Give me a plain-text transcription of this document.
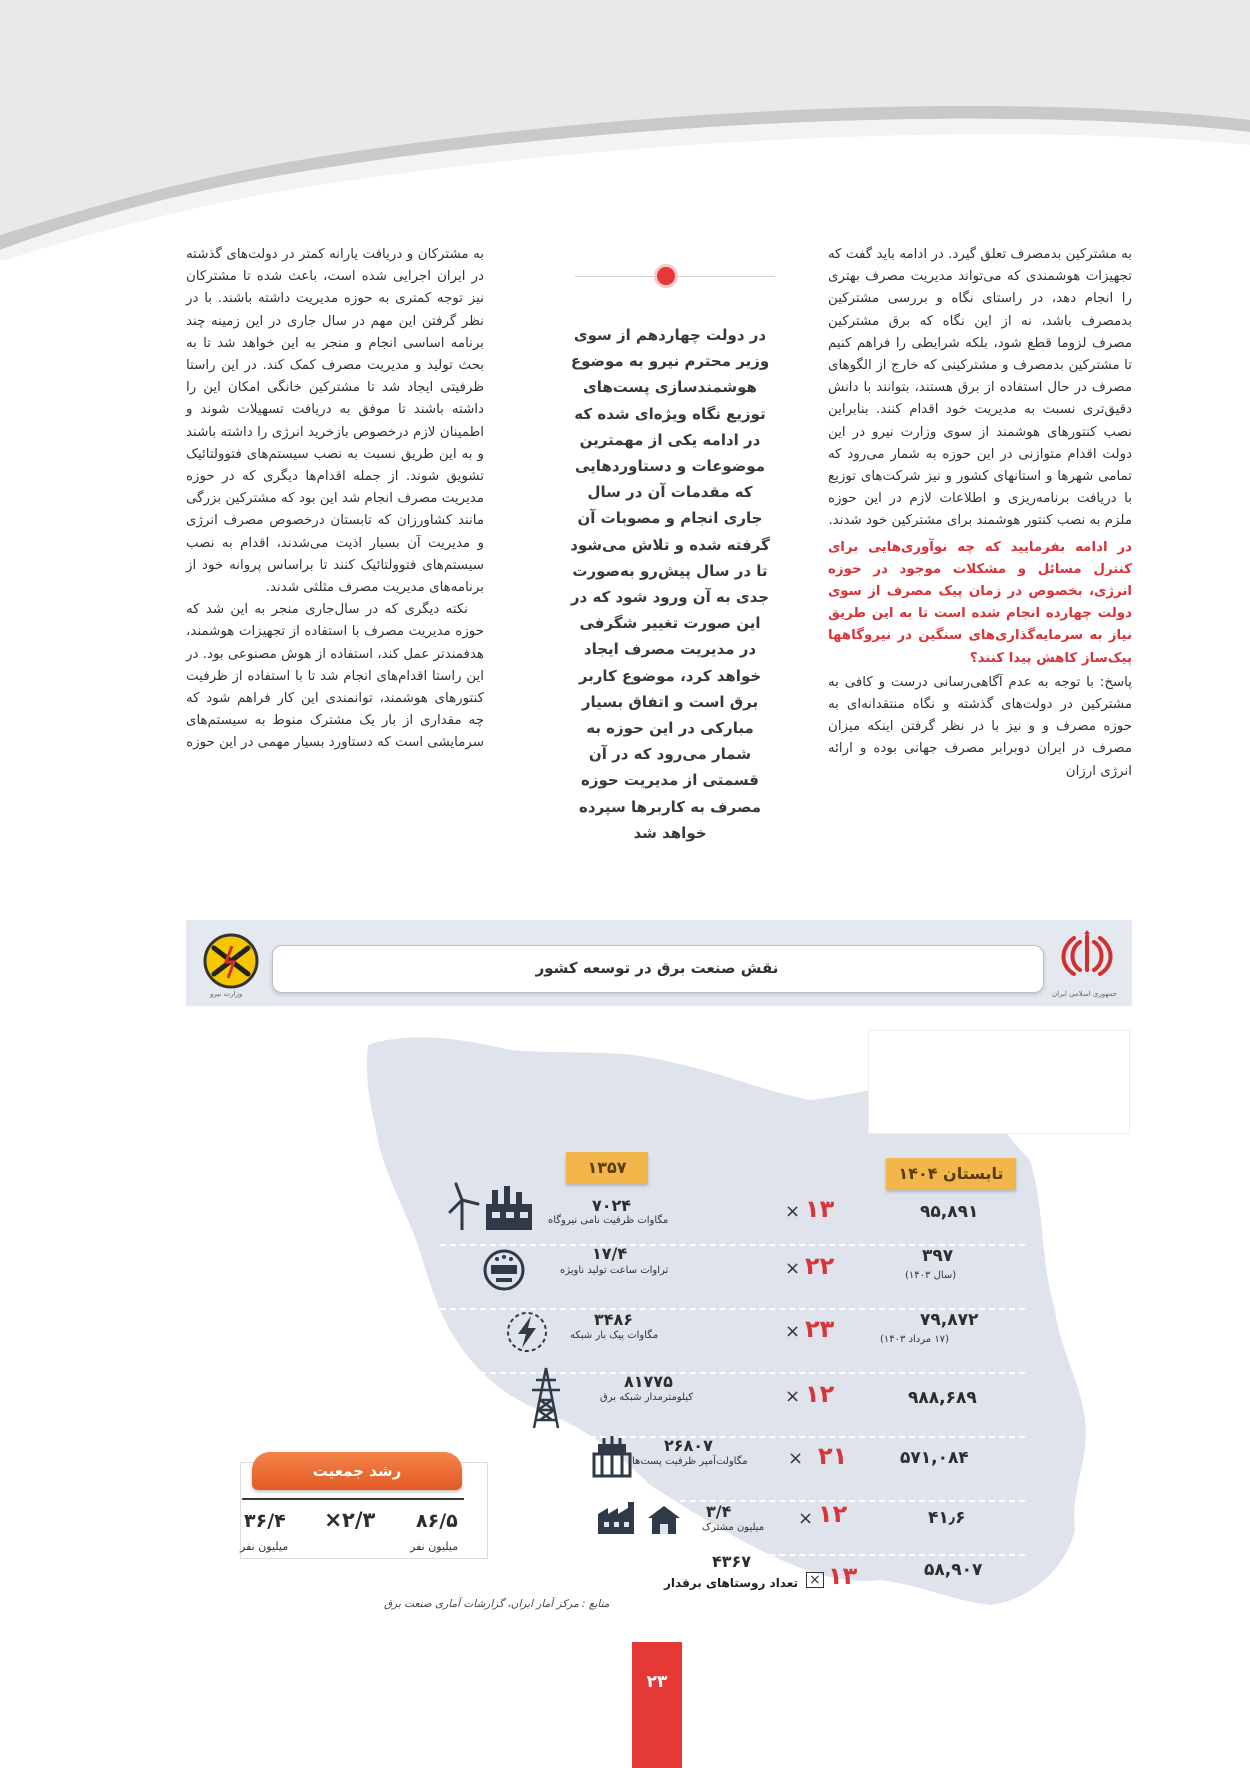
به مشترکین بدمصرف تعلق گیرد. در ادامه باید گفت که تجهیزات هوشمندی که می‌تواند مدیریت مصرف بهتری را انجام دهد، در راستای نگاه و بررسی مشترکین بدمصرف باشد، نه از این نگاه که برق مشترکین مصرف لزوما قطع شود، بلکه شرایطی را فراهم کنیم تا مشترکین بدمصرف و مشترکینی که خارج از الگوهای مصرف در حال استفاده از برق هستند، بتوانند با دانش دقیق‌تری نسبت به مدیریت خود اقدام کنند. بنابراین نصب کنتورهای هوشمند از سوی وزارت نیرو در این دولت اقدام متوازنی در این حوزه به شمار می‌رود که تمامی شهرها و استانهای کشور و نیز شرکت‌های توزیع با دریافت برنامه‌ریزی و اطلاعات لازم در این حوزه ملزم به نصب کنتور هوشمند برای مشترکین خود شدند.

در ادامه بفرمایید که چه نوآوری‌هایی برای کنترل مسائل و مشکلات موجود در حوزه انرژی، بخصوص در زمان پیک مصرف از سوی دولت چهارده انجام شده است تا به این طریق نیاز به سرمایه‌گذاری‌های سنگین در نیروگاهها پیک‌ساز کاهش پیدا کنند؟

پاسخ: با توجه به عدم آگاهی‌رسانی درست و کافی به مشترکین در دولت‌های گذشته و نگاه منتقدانه‌ای به حوزه مصرف و و نیز با در نظر گرفتن اینکه میزان مصرف در ایران دوبرابر مصرف جهانی بوده و ارائه انرژی ارزان

در دولت چهاردهم از سوی وزیر محترم نیرو به موضوع هوشمندسازی پست‌های توزیع نگاه ویژه‌ای شده که در ادامه یکی از مهمترین موضوعات و دستاوردهایی که مقدمات آن در سال جاری انجام و مصوبات آن گرفته شده و تلاش می‌شود تا در سال پیش‌رو به‌صورت جدی به آن ورود شود که در این صورت تغییر شگرفی در مدیریت مصرف ایجاد خواهد کرد، موضوع کاربر برق است و اتفاق بسیار مبارکی در این حوزه به شمار می‌رود که در آن قسمتی از مدیریت حوزه مصرف به کاربرها سپرده خواهد شد

به مشترکان و دریافت یارانه کمتر در دولت‌های گذشته در ایران اجرایی شده است، باعث شده تا مشترکان نیز توجه کمتری به حوزه مدیریت داشته باشند. با در نظر گرفتن این مهم در سال جاری در این زمینه چند برنامه اساسی انجام و منجر به این خواهد شد تا به بحث تولید و مدیریت مصرف کمک کند. در این راستا ظرفیتی ایجاد شد تا مشترکین خانگی امکان این را داشته باشند تا موفق به دریافت تسهیلات شوند و اطمینان لازم درخصوص بازخرید انرژی را داشته باشند و به این طریق نسبت به نصب سیستم‌های فتوولتائیک تشویق شوند. از جمله اقدام‌ها دیگری که در حوزه مدیریت مصرف انجام شد این بود که مشترکین بزرگی مانند کشاورزان که تابستان درخصوص مصرف انرژی و مدیریت آن بسیار اذیت می‌شدند، اقدام به نصب سیستم‌های فتوولتائیک کنند تا براساس پروانه خود از برنامه‌های مدیریت مصرف مثلثی شدند.

نکته دیگری که در سال‌جاری منجر به این شد که حوزه مدیریت مصرف با استفاده از تجهیزات هوشمند، هدفمندتر عمل کند، استفاده از هوش مصنوعی بود. در این راستا اقدام‌های انجام شد تا با استفاده از ظرفیت کنتورهای هوشمند، توانمندی این کار فراهم شود که چه مقداری از بار یک مشترک منوط به سیستم‌های سرمایشی است که دستاورد بسیار مهمی در این حوزه

نقش صنعت برق در توسعه کشور
جمهوری اسلامی ایران
وزارت نیرو
۱۳۵۷	تابستان ۱۴۰۴
۹۵,۸۹۱
× ۱۳
۷۰۲۴
مگاوات ظرفیت نامی نیروگاه
۳۹۷
(سال ۱۴۰۳)
× ۲۲
۱۷/۴
تراوات ساعت تولید ناویژه
۷۹,۸۷۲
(۱۷ مرداد ۱۴۰۳)
× ۲۳
۳۴۸۶
مگاوات پیک بار شبکه
۹۸۸,۶۸۹
× ۱۲
۸۱۷۷۵
کیلومترمدار شبکه برق
۵۷۱,۰۸۴
× ۲۱
۲۶۸۰۷
مگاولت‌آمپر ظرفیت پست‌ها
۴۱٫۶
× ۱۲
۳/۴
میلیون مشترک
۵۸,۹۰۷
۱۳
×
۴۳۶۷
تعداد روستاهای برقدار
رشد جمعیت
۸۶/۵
× ۲/۳
۳۶/۴
میلیون نفر
میلیون نفر
منابع : مرکز آمار ایران، گزارشات آماری صنعت برق
۲۳
